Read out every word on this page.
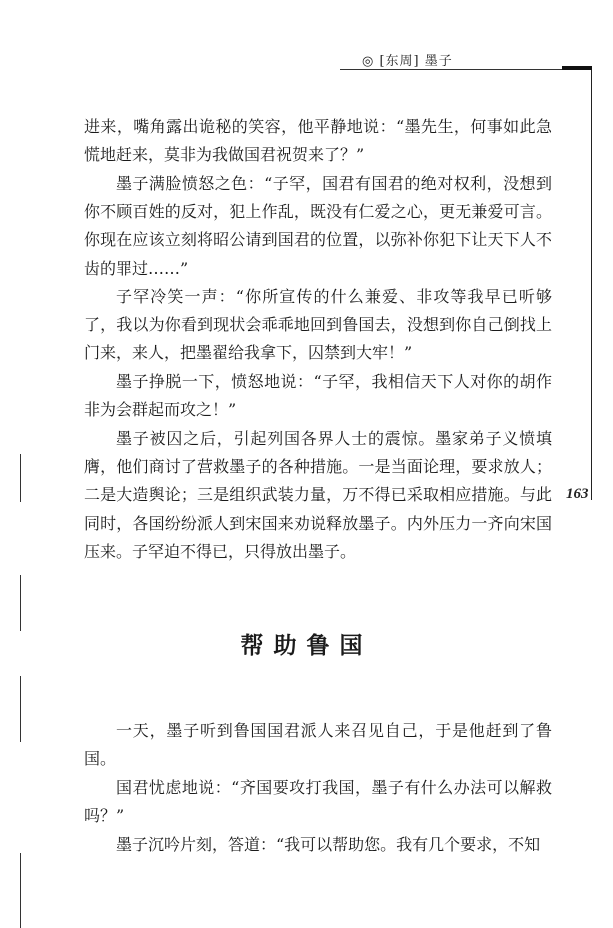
◎ [东周] 墨子
163

进来，嘴角露出诡秘的笑容，他平静地说：“墨先生，何事如此急慌地赶来，莫非为我做国君祝贺来了？”

墨子满脸愤怒之色：“子罕，国君有国君的绝对权利，没想到你不顾百姓的反对，犯上作乱，既没有仁爱之心，更无兼爱可言。你现在应该立刻将昭公请到国君的位置，以弥补你犯下让天下人不齿的罪过……”

子罕冷笑一声：“你所宣传的什么兼爱、非攻等我早已听够了，我以为你看到现状会乖乖地回到鲁国去，没想到你自己倒找上门来，来人，把墨翟给我拿下，囚禁到大牢！”

墨子挣脱一下，愤怒地说：“子罕，我相信天下人对你的胡作非为会群起而攻之！”

墨子被囚之后，引起列国各界人士的震惊。墨家弟子义愤填膺，他们商讨了营救墨子的各种措施。一是当面论理，要求放人；二是大造舆论；三是组织武装力量，万不得已采取相应措施。与此同时，各国纷纷派人到宋国来劝说释放墨子。内外压力一齐向宋国压来。子罕迫不得已，只得放出墨子。

帮助鲁国

一天，墨子听到鲁国国君派人来召见自己，于是他赶到了鲁国。

国君忧虑地说：“齐国要攻打我国，墨子有什么办法可以解救吗？”

墨子沉吟片刻，答道：“我可以帮助您。我有几个要求，不知
